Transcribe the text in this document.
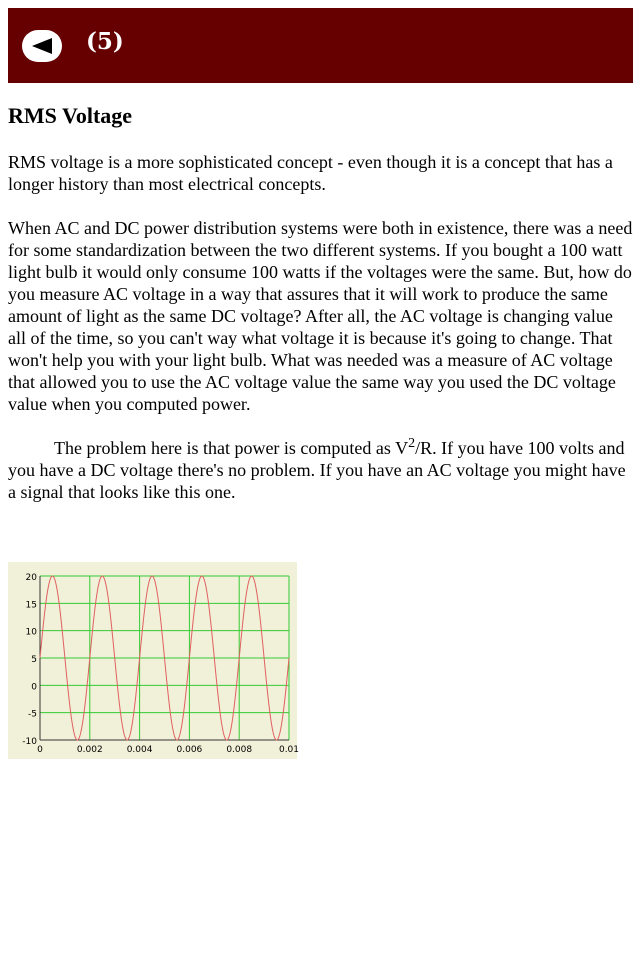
(5)
RMS Voltage

RMS voltage is a more sophisticated concept - even though it is a concept that has a longer history than most electrical concepts.

When AC and DC power distribution systems were both in existence, there was a need for some standardization between the two different systems. If you bought a 100 watt light bulb it would only consume 100 watts if the voltages were the same. But, how do you measure AC voltage in a way that assures that it will work to produce the same amount of light as the same DC voltage? After all, the AC voltage is changing value all of the time, so you can't way what voltage it is because it's going to change. That won't help you with your light bulb. What was needed was a measure of AC voltage that allowed you to use the AC voltage value the same way you used the DC voltage value when you computed power.

The problem here is that power is computed as $V^2/R$. If you have 100 volts and you have a DC voltage there's no problem. If you have an AC voltage you might have a signal that looks like this one.

20
15
10
5
0
-5
-10
0	0.002	0.004	0.006	0.008	0.01
